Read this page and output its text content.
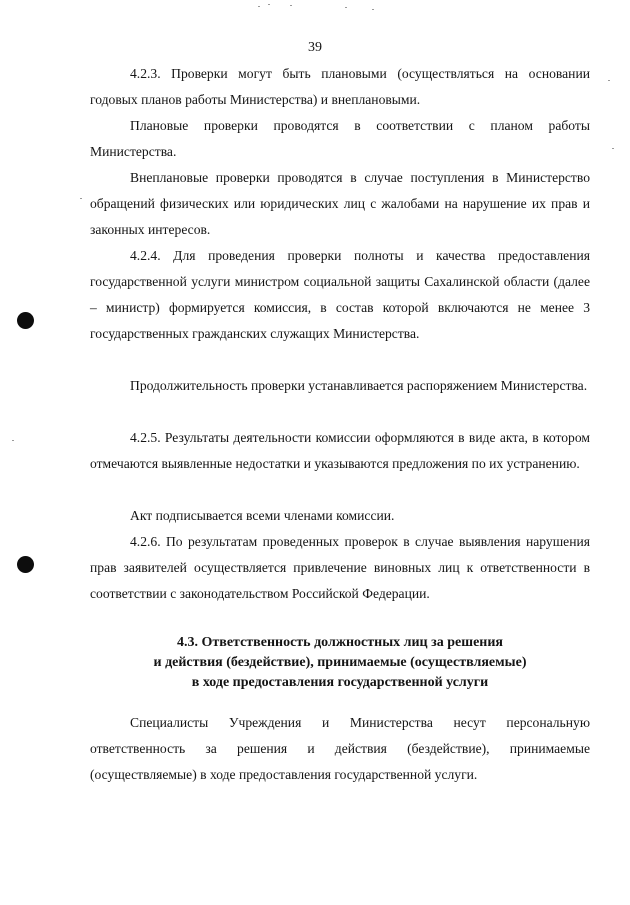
39

4.2.3. Проверки могут быть плановыми (осуществляться на основании годовых планов работы Министерства) и внеплановыми.

Плановые проверки проводятся в соответствии с планом работы Министерства.

Внеплановые проверки проводятся в случае поступления в Министерство обращений физических или юридических лиц с жалобами на нарушение их прав и законных интересов.

4.2.4. Для проведения проверки полноты и качества предоставления государственной услуги министром социальной защиты Сахалинской области (далее – министр) формируется комиссия, в состав которой включаются не менее 3 государственных гражданских служащих Министерства.

Продолжительность проверки устанавливается распоряжением Министерства.

4.2.5. Результаты деятельности комиссии оформляются в виде акта, в котором отмечаются выявленные недостатки и указываются предложения по их устранению.

Акт подписывается всеми членами комиссии.

4.2.6. По результатам проведенных проверок в случае выявления нарушения прав заявителей осуществляется привлечение виновных лиц к ответственности в соответствии с законодательством Российской Федерации.

4.3. Ответственность должностных лиц за решения
и действия (бездействие), принимаемые (осуществляемые)
в ходе предоставления государственной услуги

Специалисты Учреждения и Министерства несут персональную ответственность за решения и действия (бездействие), принимаемые (осуществляемые) в ходе предоставления государственной услуги.
